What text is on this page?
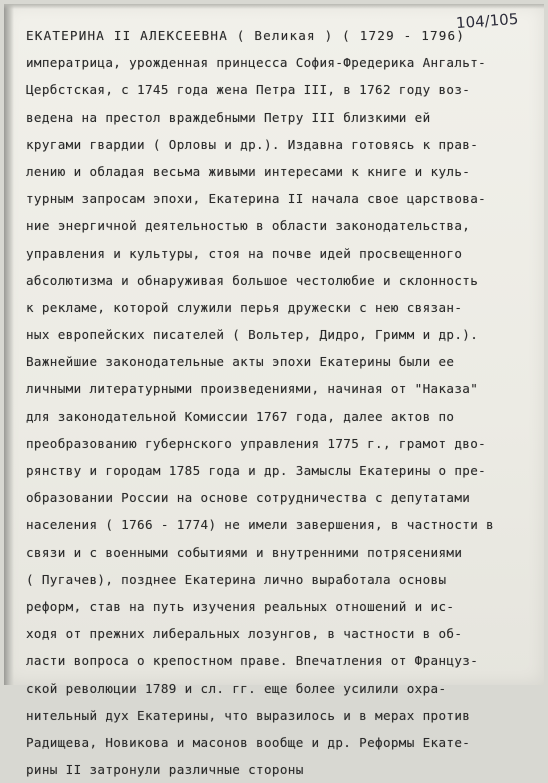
104/105
ЕКАТЕРИНА II АЛЕКСЕЕВНА ( Великая ) ( 1729 - 1796)
императрица, урожденная принцесса София-Фредерика Ангальт-
Цербстская, с 1745 года жена Петра III, в 1762 году воз-
ведена на престол враждебными Петру III близкими ей
кругами гвардии ( Орловы и др.). Издавна готовясь к прав-
лению и обладая весьма живыми интересами к книге и куль-
турным запросам эпохи, Екатерина II начала свое царствова-
ние энергичной деятельностью в области законодательства,
управления и культуры, стоя на почве идей просвещенного
абсолютизма и обнаруживая большое честолюбие и склонность
к рекламе, которой служили перья дружески с нею связан-
ных европейских писателей ( Вольтер, Дидро, Гримм и др.).
Важнейшие законодательные акты эпохи Екатерины были ее
личными литературными произведениями, начиная от "Наказа"
для законодательной Комиссии 1767 года, далее актов по
преобразованию губернского управления 1775 г., грамот дво-
рянству и городам 1785 года и др. Замыслы Екатерины о пре-
образовании России на основе сотрудничества с депутатами
населения ( 1766 - 1774) не имели завершения, в частности в
связи и с военными событиями и внутренними потрясениями
( Пугачев), позднее Екатерина лично выработала основы
реформ, став на путь изучения реальных отношений и ис-
ходя от прежних либеральных лозунгов, в частности в об-
ласти вопроса о крепостном праве. Впечатления от Француз-
ской революции 1789 и сл. гг. еще более усилили охра-
нительный дух Екатерины, что выразилось и в мерах против
Радищева, Новикова и масонов вообще и др. Реформы Екате-
рины II затронули различные стороны
